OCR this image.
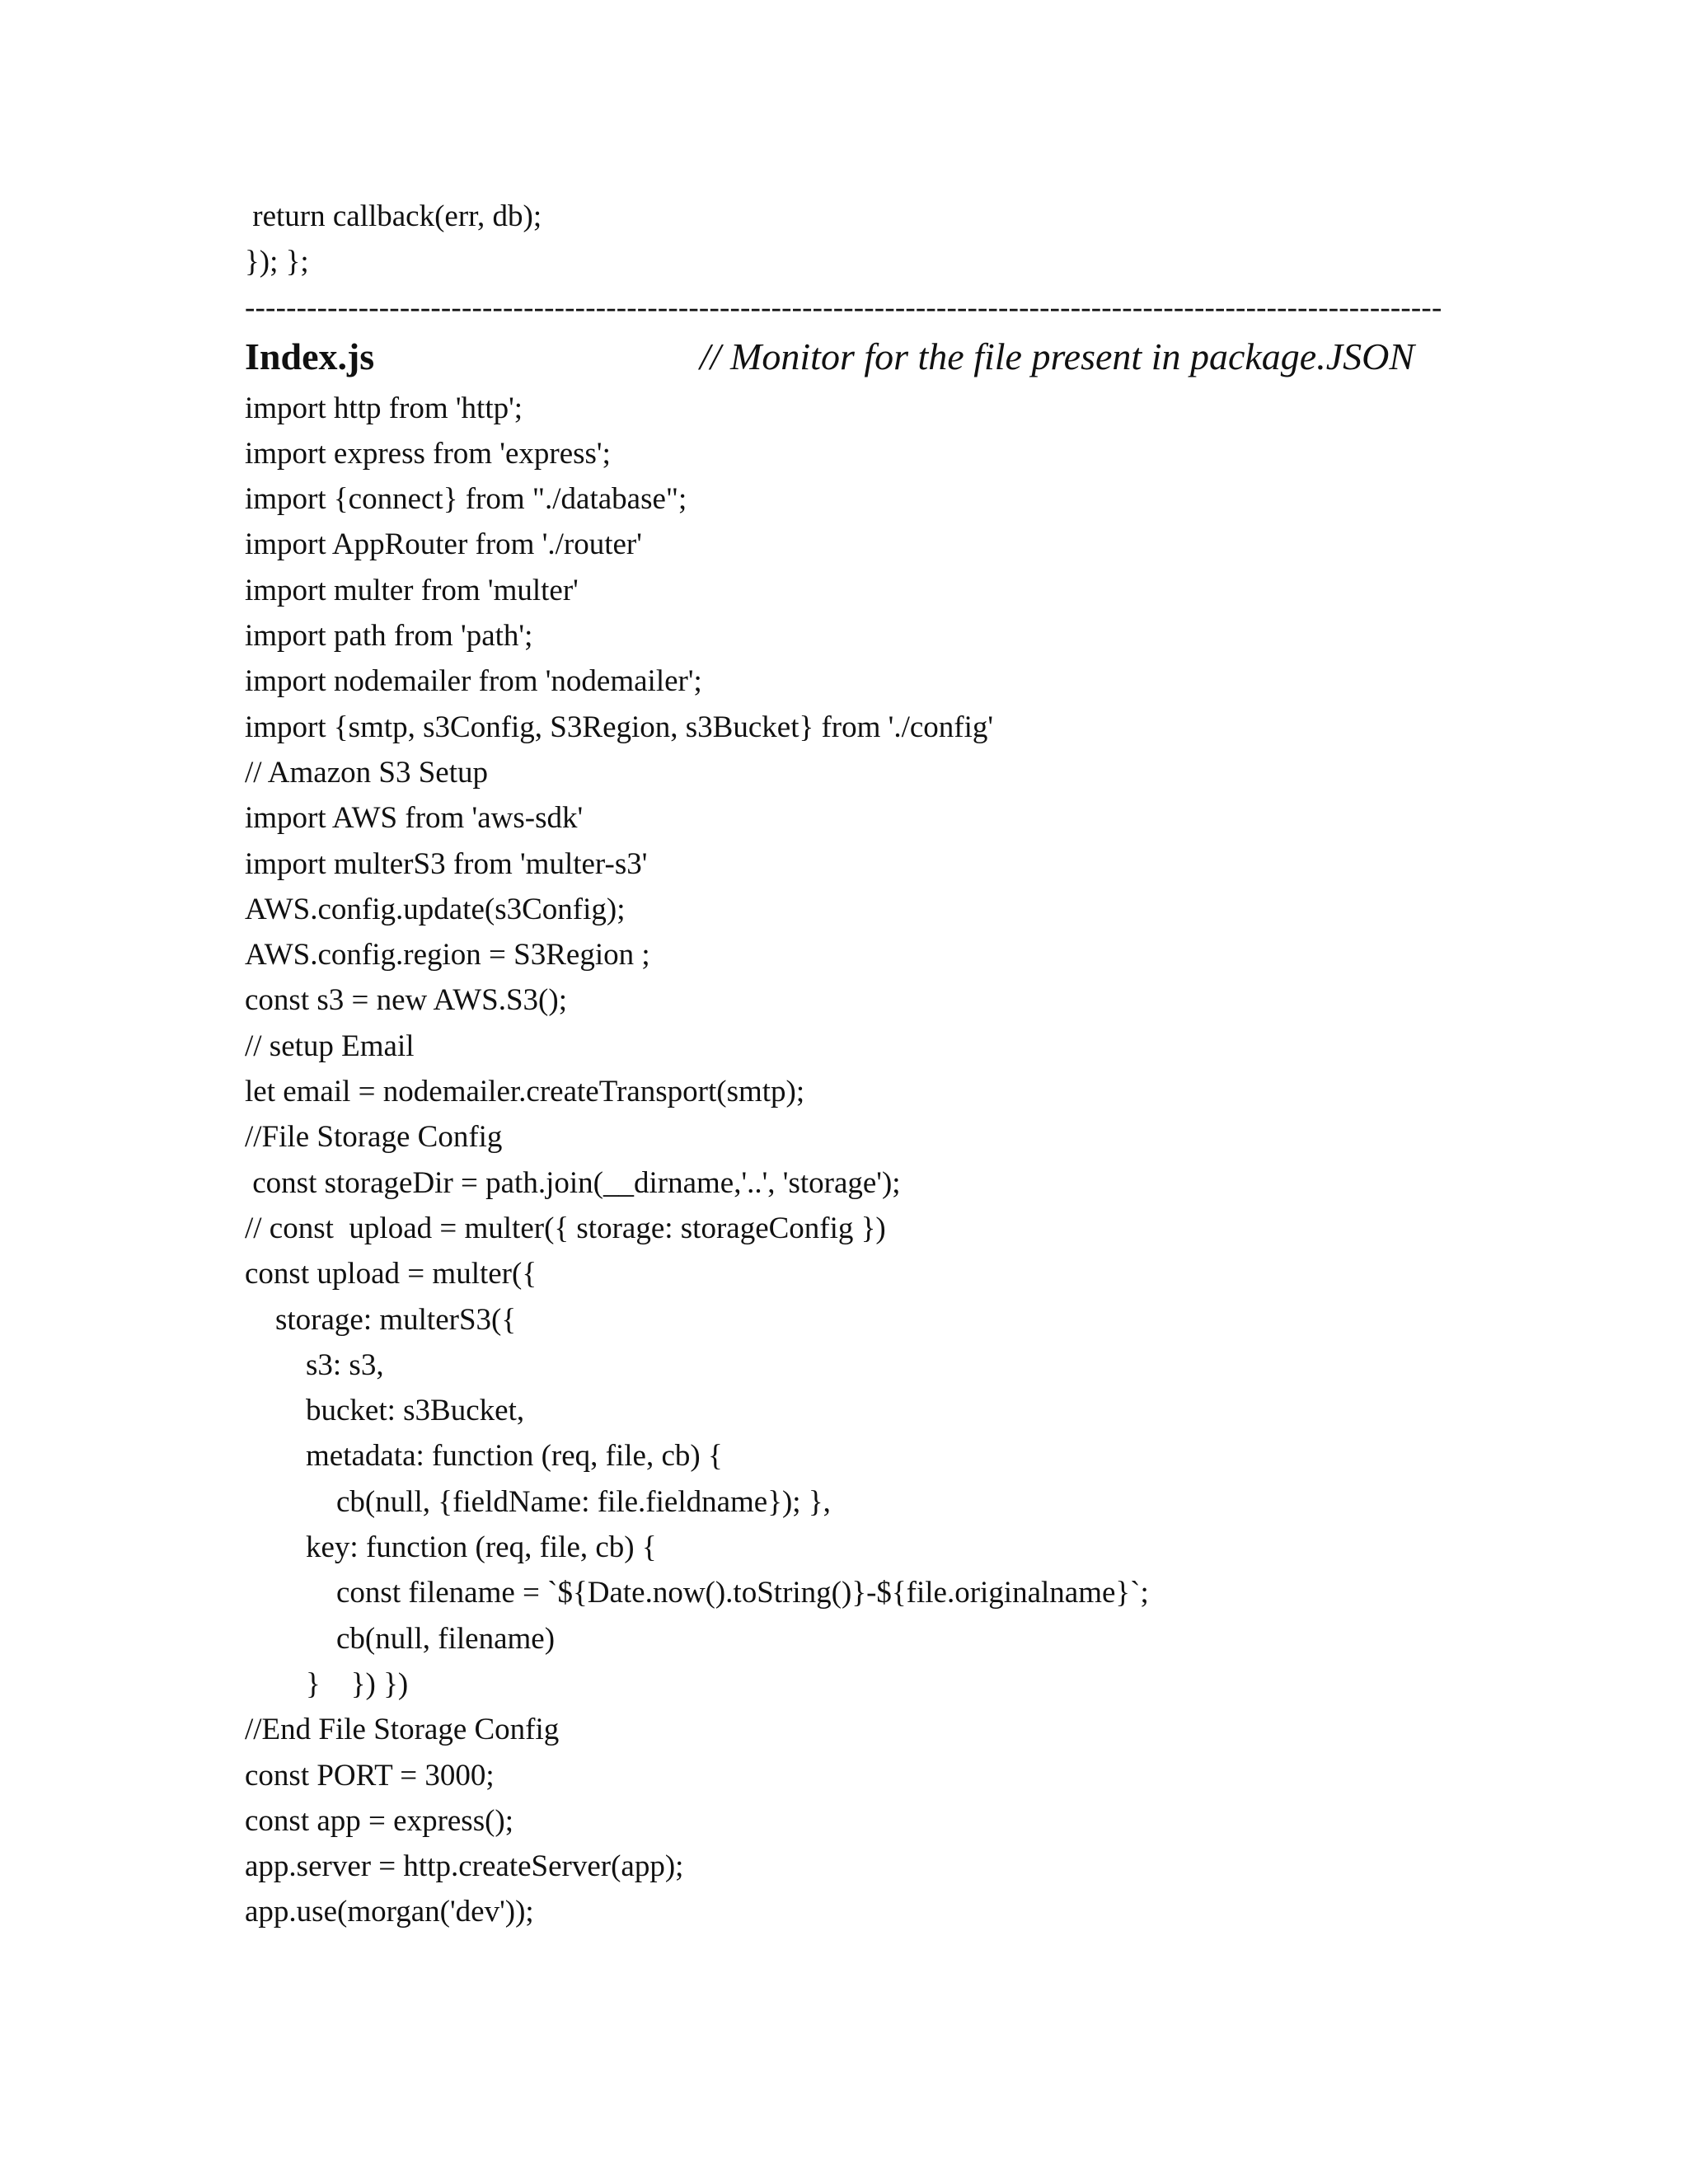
return callback(err, db);
}); };
--------------------------------------------------------------------------------------------------------------------
Index.js	// Monitor for the file present in package.JSON
import http from 'http';
import express from 'express';
import {connect} from "./database";
import AppRouter from './router'
import multer from 'multer'
import path from 'path';
import nodemailer from 'nodemailer';
import {smtp, s3Config, S3Region, s3Bucket} from './config'
// Amazon S3 Setup
import AWS from 'aws-sdk'
import multerS3 from 'multer-s3'
AWS.config.update(s3Config);
AWS.config.region = S3Region ;
const s3 = new AWS.S3();
// setup Email
let email = nodemailer.createTransport(smtp);
//File Storage Config
const storageDir = path.join(__dirname,'..', 'storage');
// const  upload = multer({ storage: storageConfig })
const upload = multer({
storage: multerS3({
s3: s3,
bucket: s3Bucket,
metadata: function (req, file, cb) {
cb(null, {fieldName: file.fieldname}); },
key: function (req, file, cb) {
const filename = `${Date.now().toString()}-${file.originalname}`;
cb(null, filename)
}    }) })
//End File Storage Config
const PORT = 3000;
const app = express();
app.server = http.createServer(app);
app.use(morgan('dev'));
